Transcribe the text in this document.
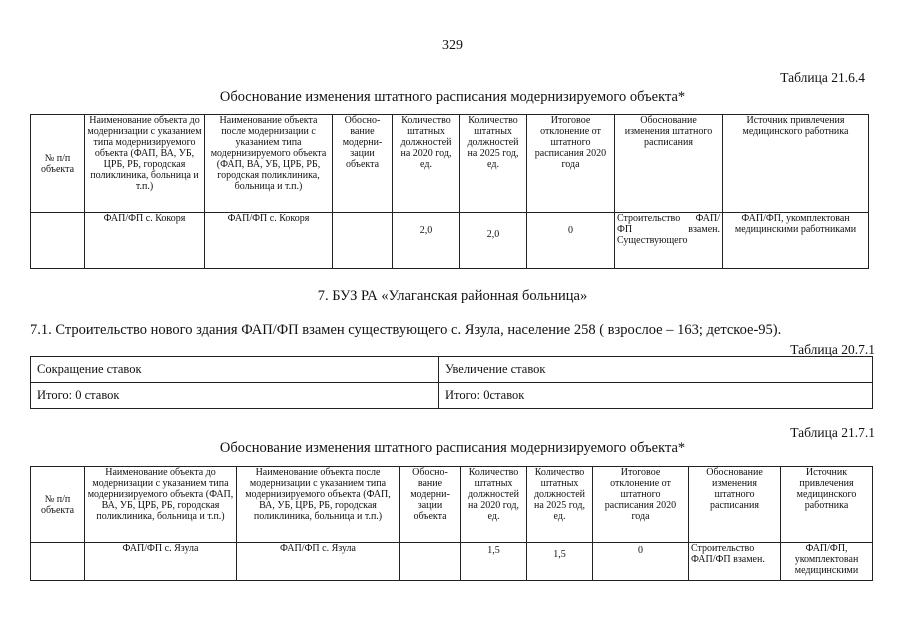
329
Таблица 21.6.4
Обоснование изменения штатного расписания модернизируемого объекта*
№ п/п объекта	Наименование объекта до модернизации с указанием типа модернизируемого объекта (ФАП, ВА, УБ, ЦРБ, РБ, городская поликлиника, больница и т.п.)	Наименование объекта после модернизации с указанием типа модернизируемого объекта (ФАП, ВА, УБ, ЦРБ, РБ, городская поликлиника, больница и т.п.)	Обосно-вание модерни-зации объекта	Количество штатных должностей на 2020 год, ед.	Количество штатных должностей на 2025 год, ед.	Итоговое отклонение от штатного расписания 2020 года	Обоснование изменения штатного расписания	Источник привлечения медицинского работника
	ФАП/ФП с. Кокоря	ФАП/ФП с. Кокоря		2,0	2,0	0	Строительство ФАП/ФП взамен. Существующего	ФАП/ФП, укомплектован медицинскими работниками
7. БУЗ РА «Улаганская районная больница»
7.1. Строительство нового здания ФАП/ФП взамен существующего с. Язула, население 258 ( взрослое – 163; детское-95).
Таблица 20.7.1
Сокращение ставок	Увеличение ставок
Итого: 0 ставок	Итого: 0ставок
Таблица 21.7.1
Обоснование изменения штатного расписания модернизируемого объекта*
№ п/п объекта	Наименование объекта до модернизации с указанием типа модернизируемого объекта (ФАП, ВА, УБ, ЦРБ, РБ, городская поликлиника, больница и т.п.)	Наименование объекта после модернизации с указанием типа модернизируемого объекта (ФАП, ВА, УБ, ЦРБ, РБ, городская поликлиника, больница и т.п.)	Обосно-вание модерни-зации объекта	Количество штатных должностей на 2020 год, ед.	Количество штатных должностей на 2025 год, ед.	Итоговое отклонение от штатного расписания 2020 года	Обоснование изменения штатного расписания	Источник привлечения медицинского работника
	ФАП/ФП с. Язула	ФАП/ФП с. Язула		1,5	1,5	0	Строительство ФАП/ФП взамен.	ФАП/ФП, укомплектован медицинскими
